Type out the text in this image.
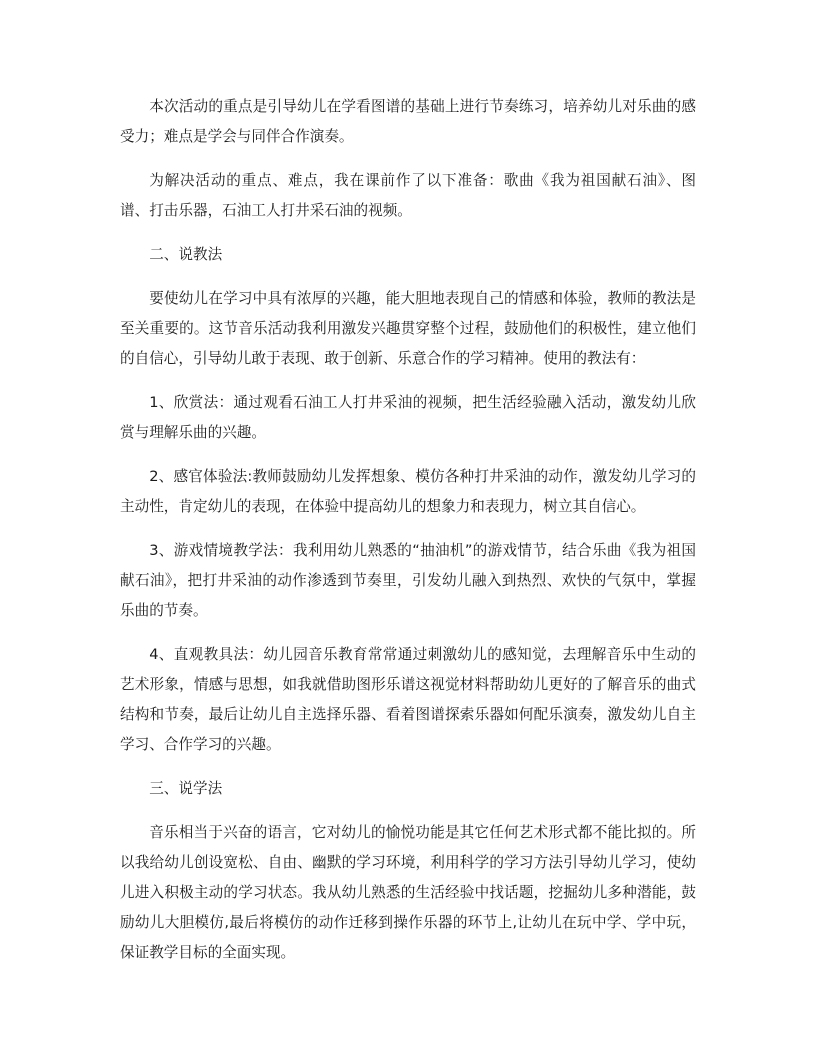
本次活动的重点是引导幼儿在学看图谱的基础上进行节奏练习，培养幼儿对乐曲的感受力；难点是学会与同伴合作演奏。

为解决活动的重点、难点，我在课前作了以下准备：歌曲《我为祖国献石油》、图谱、打击乐器，石油工人打井采石油的视频。

二、说教法

要使幼儿在学习中具有浓厚的兴趣，能大胆地表现自己的情感和体验，教师的教法是至关重要的。这节音乐活动我利用激发兴趣贯穿整个过程，鼓励他们的积极性，建立他们的自信心，引导幼儿敢于表现、敢于创新、乐意合作的学习精神。使用的教法有：

1、欣赏法：通过观看石油工人打井采油的视频，把生活经验融入活动，激发幼儿欣赏与理解乐曲的兴趣。

2、感官体验法:教师鼓励幼儿发挥想象、模仿各种打井采油的动作，激发幼儿学习的主动性，肯定幼儿的表现，在体验中提高幼儿的想象力和表现力，树立其自信心。

3、游戏情境教学法：我利用幼儿熟悉的“抽油机”的游戏情节，结合乐曲《我为祖国献石油》，把打井采油的动作渗透到节奏里，引发幼儿融入到热烈、欢快的气氛中，掌握乐曲的节奏。

4、直观教具法：幼儿园音乐教育常常通过刺激幼儿的感知觉，去理解音乐中生动的艺术形象，情感与思想，如我就借助图形乐谱这视觉材料帮助幼儿更好的了解音乐的曲式结构和节奏，最后让幼儿自主选择乐器、看着图谱探索乐器如何配乐演奏，激发幼儿自主学习、合作学习的兴趣。

三、说学法

音乐相当于兴奋的语言，它对幼儿的愉悦功能是其它任何艺术形式都不能比拟的。所以我给幼儿创设宽松、自由、幽默的学习环境，利用科学的学习方法引导幼儿学习，使幼儿进入积极主动的学习状态。我从幼儿熟悉的生活经验中找话题，挖掘幼儿多种潜能，鼓励幼儿大胆模仿,最后将模仿的动作迁移到操作乐器的环节上,让幼儿在玩中学、学中玩，保证教学目标的全面实现。
